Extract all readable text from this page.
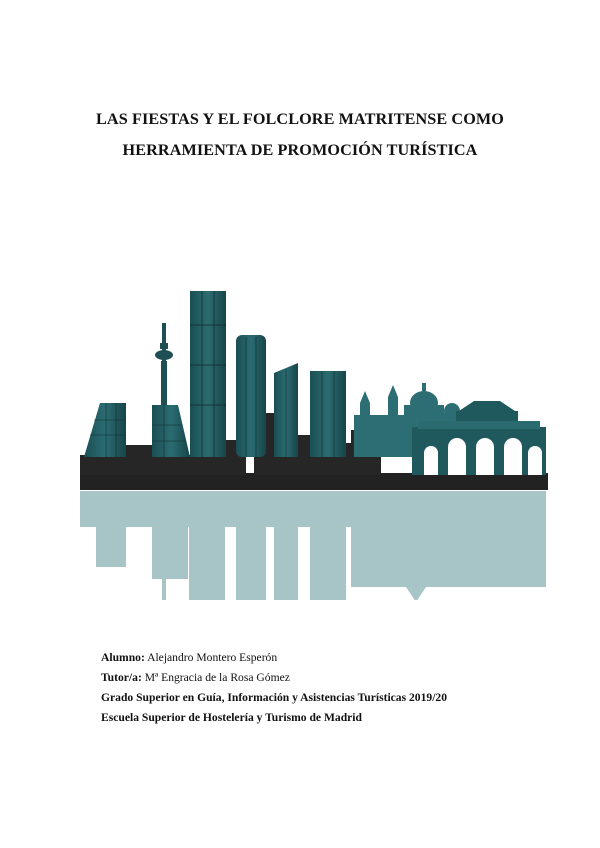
LAS FIESTAS Y EL FOLCLORE MATRITENSE COMO
HERRAMIENTA DE PROMOCIÓN TURÍSTICA
Alumno: Alejandro Montero Esperón
Tutor/a: Mª Engracia de la Rosa Gómez
Grado Superior en Guía, Información y Asistencias Turísticas 2019/20
Escuela Superior de Hostelería y Turismo de Madrid
